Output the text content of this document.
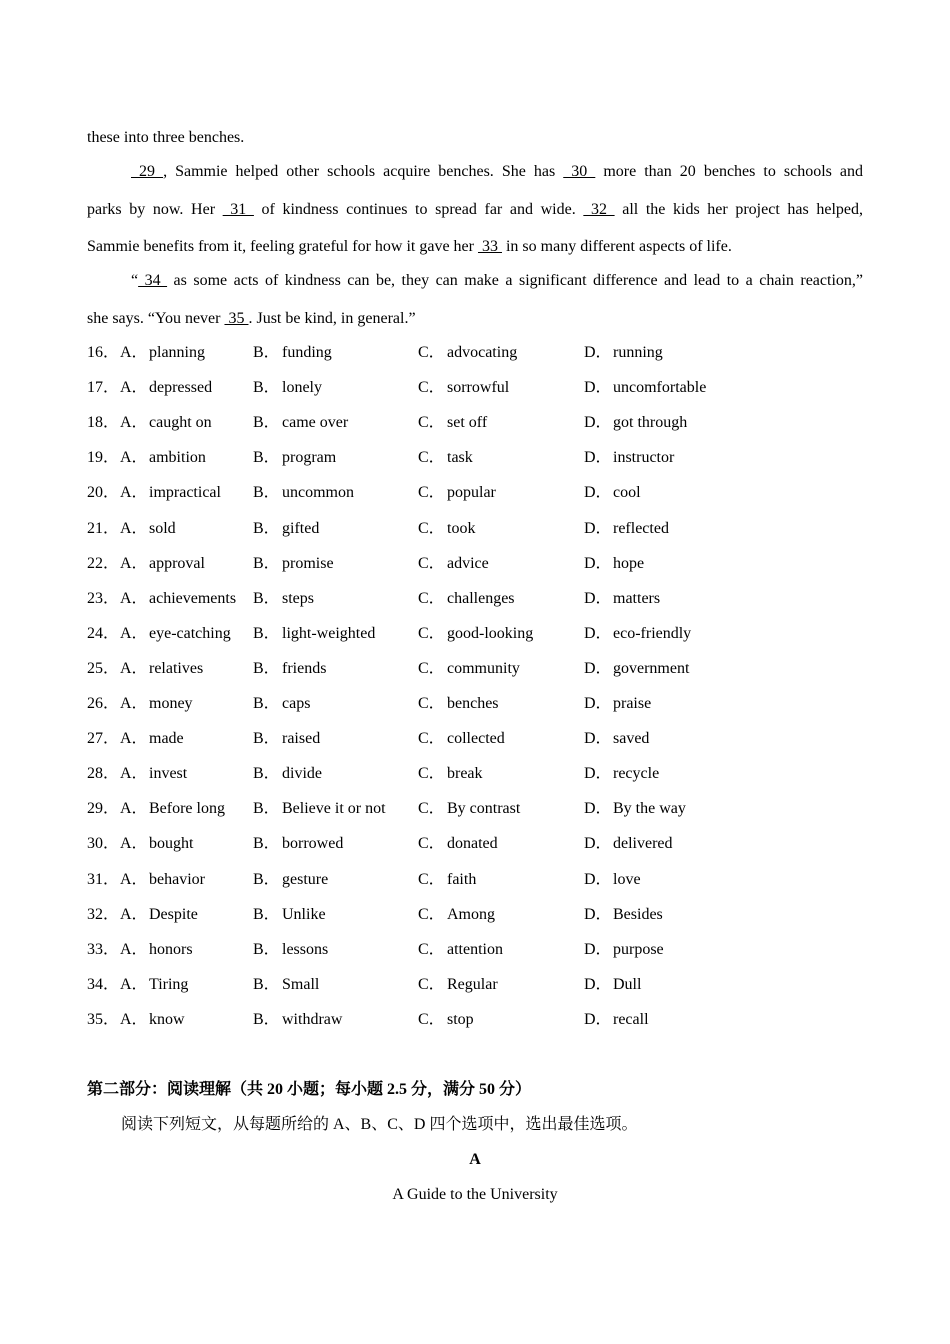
these into three benches.
29 , Sammie helped other schools acquire benches. She has  30  more than 20 benches to schools and
parks by now. Her  31  of kindness continues to spread far and wide.  32  all the kids her project has helped,
Sammie benefits from it, feeling grateful for how it gave her  33  in so many different aspects of life.
“ 34  as some acts of kindness can be, they can make a significant difference and lead to a chain reaction,”
she says. “You never  35 . Just be kind, in general.”
16． A．planning	B． funding	C． advocating	D．running
17． A．depressed	B． lonely	C． sorrowful	D．uncomfortable
18． A．caught on	B． came over	C． set off	D．got through
19． A．ambition	B． program	C． task	D．instructor
20． A．impractical B． uncommon	C． popular	D．cool
21． A．sold	B． gifted	C． took	D．reflected
22． A．approval	B． promise	C． advice	D．hope
23． A．achievements B． steps	C． challenges	D．matters
24． A．eye-catching B． light-weighted	C． good-looking	D．eco-friendly
25． A．relatives	B． friends	C． community	D．government
26． A．money	B． caps	C． benches	D．praise
27． A．made	B． raised	C． collected	D．saved
28． A．invest	B． divide	C． break	D．recycle
29． A．Before long B． Believe it or not C． By contrast	D．By the way
30． A．bought	B． borrowed	C． donated	D．delivered
31． A．behavior	B． gesture	C． faith	D．love
32． A．Despite	B． Unlike	C． Among	D．Besides
33． A．honors	B． lessons	C． attention	D．purpose
34． A．Tiring	B． Small	C． Regular	D．Dull
35． A．know	B． withdraw	C． stop	D．recall
第二部分：阅读理解（共 20 小题；每小题 2.5 分，满分 50 分）
阅读下列短文，从每题所给的 A、B、C、D 四个选项中，选出最佳选项。
A
A Guide to the University
